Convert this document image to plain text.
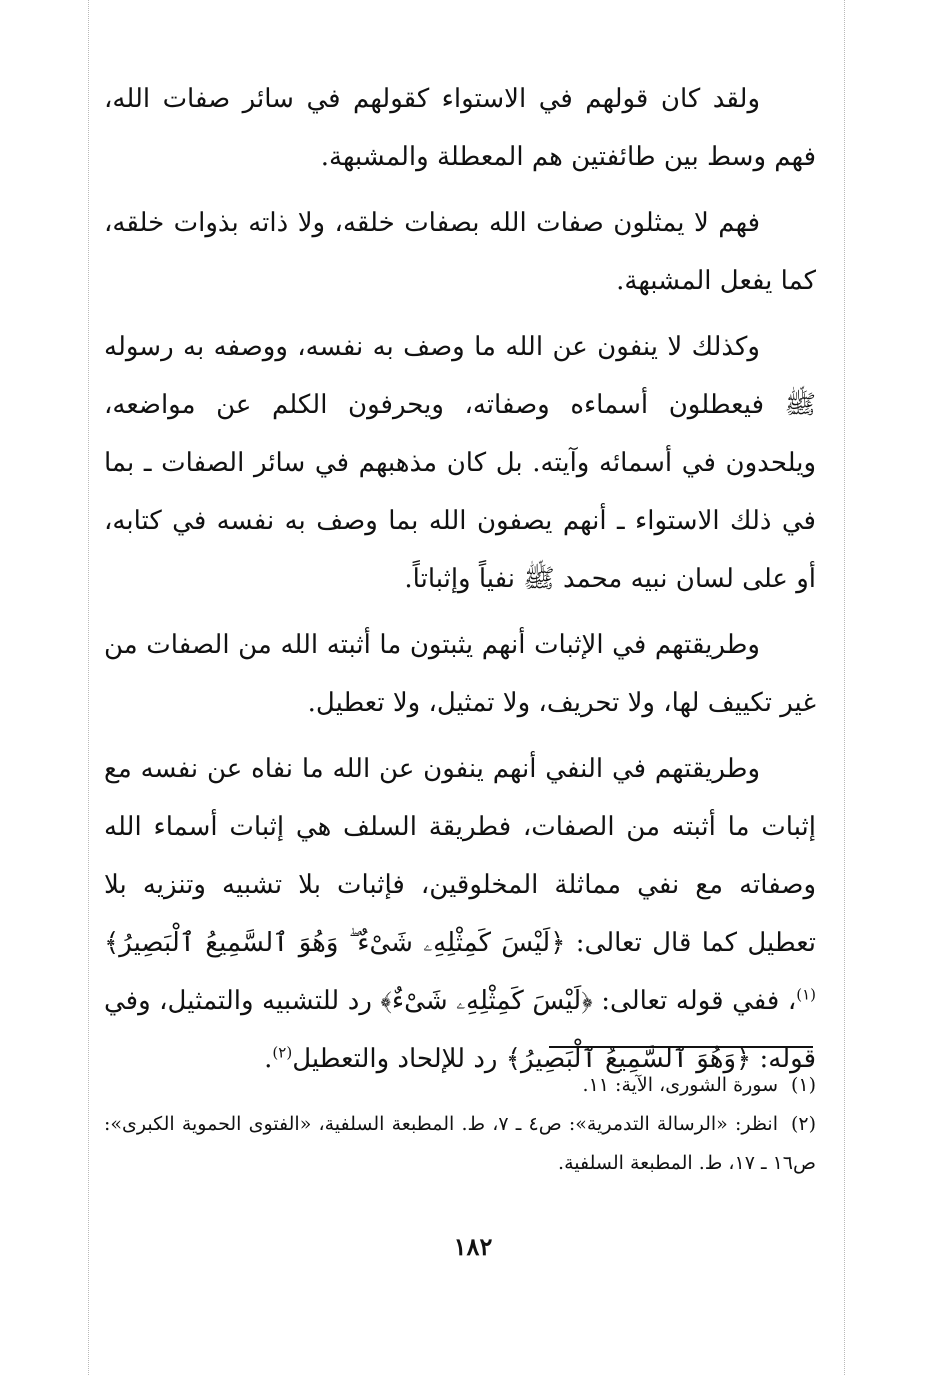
ولقد كان قولهم في الاستواء كقولهم في سائر صفات الله، فهم وسط بين طائفتين هم المعطلة والمشبهة.

فهم لا يمثلون صفات الله بصفات خلقه، ولا ذاته بذوات خلقه، كما يفعل المشبهة.

وكذلك لا ينفون عن الله ما وصف به نفسه، ووصفه به رسوله ﷺ فيعطلون أسماءه وصفاته، ويحرفون الكلم عن مواضعه، ويلحدون في أسمائه وآيته. بل كان مذهبهم في سائر الصفات ـ بما في ذلك الاستواء ـ أنهم يصفون الله بما وصف به نفسه في كتابه، أو على لسان نبيه محمد ﷺ نفياً وإثباتاً.

وطريقتهم في الإثبات أنهم يثبتون ما أثبته الله من الصفات من غير تكييف لها، ولا تحريف، ولا تمثيل، ولا تعطيل.

وطريقتهم في النفي أنهم ينفون عن الله ما نفاه عن نفسه مع إثبات ما أثبته من الصفات، فطريقة السلف هي إثبات أسماء الله وصفاته مع نفي مماثلة المخلوقين، فإثبات بلا تشبيه وتنزيه بلا تعطيل كما قال تعالى: ﴿لَيْسَ كَمِثْلِهِۦ شَىْءٌ ۖ وَهُوَ ٱلسَّمِيعُ ٱلْبَصِيرُ﴾$^{(١)}$، ففي قوله تعالى: ﴿لَيْسَ كَمِثْلِهِۦ شَىْءٌ﴾ رد للتشبيه والتمثيل، وفي قوله: ﴿وَهُوَ ٱلسَّمِيعُ ٱلْبَصِيرُ﴾ رد للإلحاد والتعطيل$^{(٢)}$.

(١)سورة الشورى، الآية: ١١.

(٢)انظر: «الرسالة التدمرية»: ص٤ ـ ٧، ط. المطبعة السلفية، «الفتوى الحموية الكبرى»: ص١٦ ـ ١٧، ط. المطبعة السلفية.

١٨٢
